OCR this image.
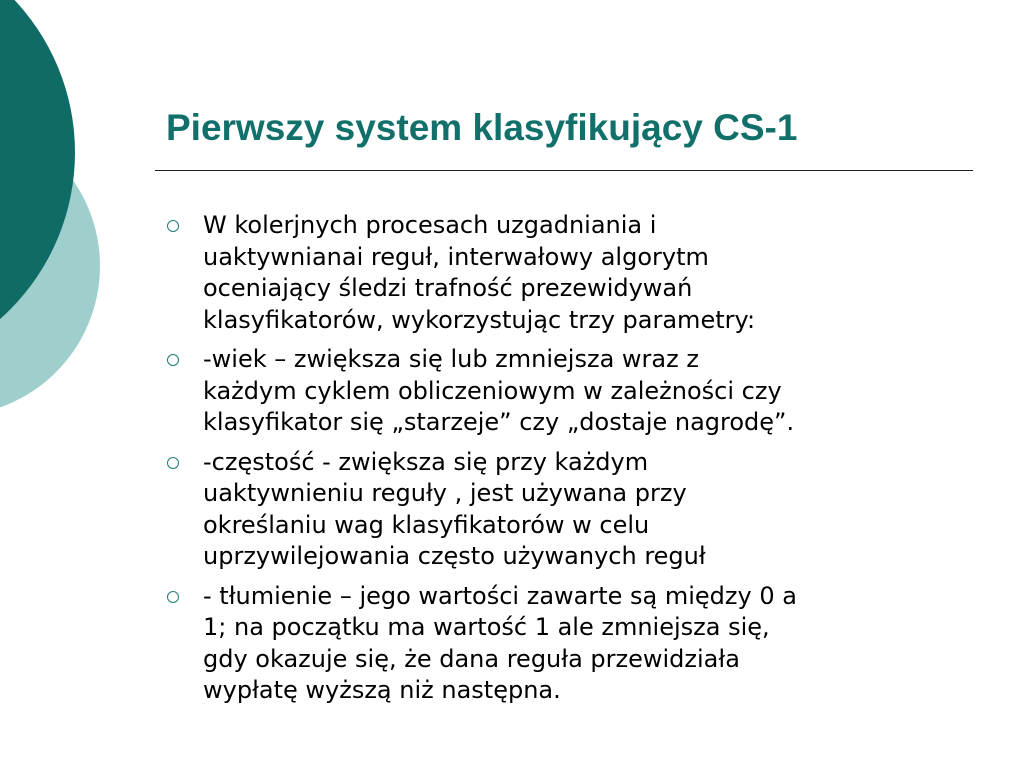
Pierwszy system klasyfikujący CS-1
W kolerjnych procesach uzgadniania i
uaktywnianai reguł, interwałowy algorytm
oceniający śledzi trafność prezewidywań
klasyfikatorów, wykorzystując trzy parametry:
-wiek – zwiększa się lub zmniejsza wraz z
każdym cyklem obliczeniowym w zależności czy
klasyfikator się „starzeje” czy „dostaje nagrodę”.
-częstość - zwiększa się przy każdym
uaktywnieniu reguły , jest używana przy
określaniu wag klasyfikatorów w celu
uprzywilejowania często używanych reguł
- tłumienie – jego wartości zawarte są między 0 a
1; na początku ma wartość 1 ale zmniejsza się,
gdy okazuje się, że dana reguła przewidziała
wypłatę wyższą niż następna.
